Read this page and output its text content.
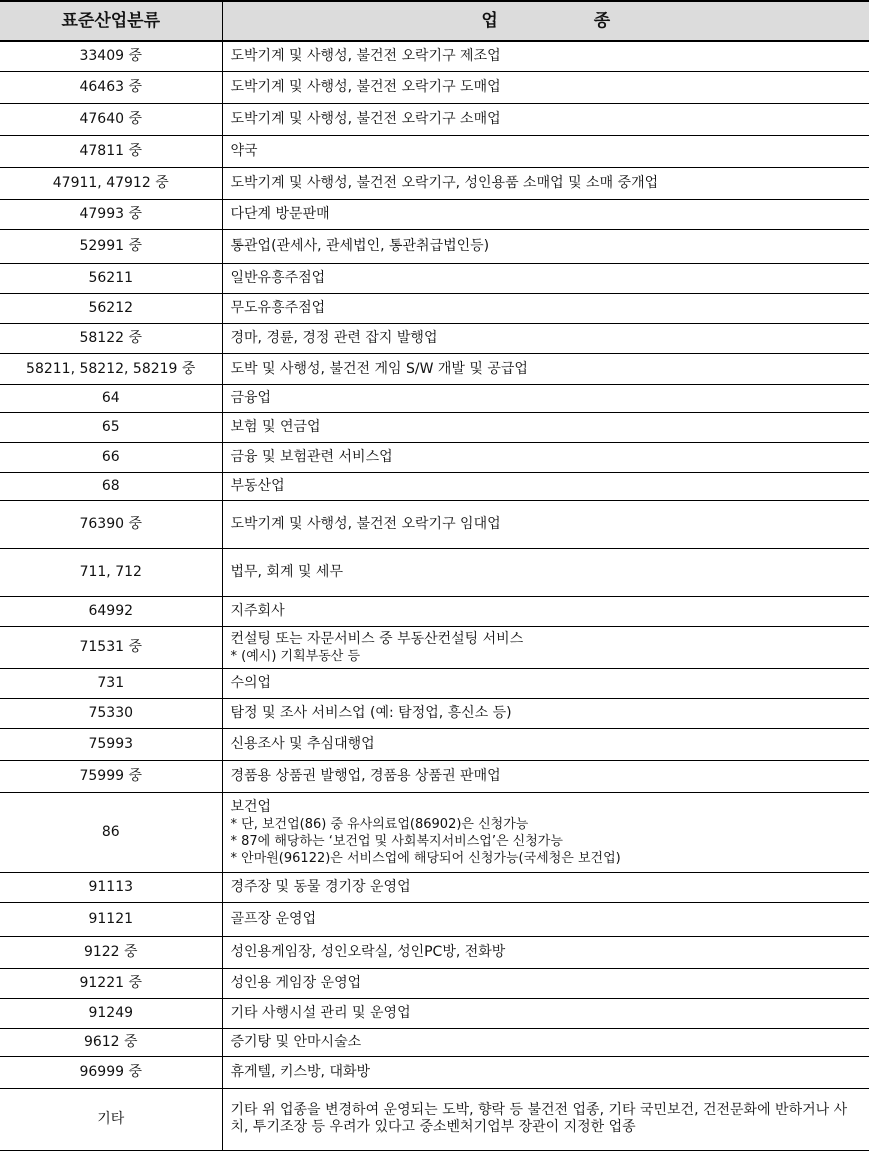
표준산업분류	업 종
33409 중	도박기계 및 사행성, 불건전 오락기구 제조업
46463 중	도박기계 및 사행성, 불건전 오락기구 도매업
47640 중	도박기계 및 사행성, 불건전 오락기구 소매업
47811 중	약국
47911, 47912 중	도박기계 및 사행성, 불건전 오락기구, 성인용품 소매업 및 소매 중개업
47993 중	다단계 방문판매
52991 중	통관업(관세사, 관세법인, 통관취급법인등)
56211	일반유흥주점업
56212	무도유흥주점업
58122 중	경마, 경륜, 경정 관련 잡지 발행업
58211, 58212, 58219 중	도박 및 사행성, 불건전 게임 S/W 개발 및 공급업
64	금융업
65	보험 및 연금업
66	금융 및 보험관련 서비스업
68	부동산업
76390 중	도박기계 및 사행성, 불건전 오락기구 임대업
711, 712	법무, 회계 및 세무
64992	지주회사
71531 중	컨설팅 또는 자문서비스 중 부동산컨설팅 서비스
* (예시) 기획부동산 등

731	수의업
75330	탐정 및 조사 서비스업 (예: 탐정업, 흥신소 등)
75993	신용조사 및 추심대행업
75999 중	경품용 상품권 발행업, 경품용 상품권 판매업
86	보건업
* 단, 보건업(86) 중 유사의료업(86902)은 신청가능
* 87에 해당하는 ‘보건업 및 사회복지서비스업’은 신청가능
* 안마원(96122)은 서비스업에 해당되어 신청가능(국세청은 보건업)

91113	경주장 및 동물 경기장 운영업
91121	골프장 운영업
9122 중	성인용게임장, 성인오락실, 성인PC방, 전화방
91221 중	성인용 게임장 운영업
91249	기타 사행시설 관리 및 운영업
9612 중	증기탕 및 안마시술소
96999 중	휴게텔, 키스방, 대화방
기타	기타 위 업종을 변경하여 운영되는 도박, 향락 등 불건전 업종, 기타 국민보건, 건전문화에 반하거나 사치, 투기조장 등 우려가 있다고 중소벤처기업부 장관이 지정한 업종
